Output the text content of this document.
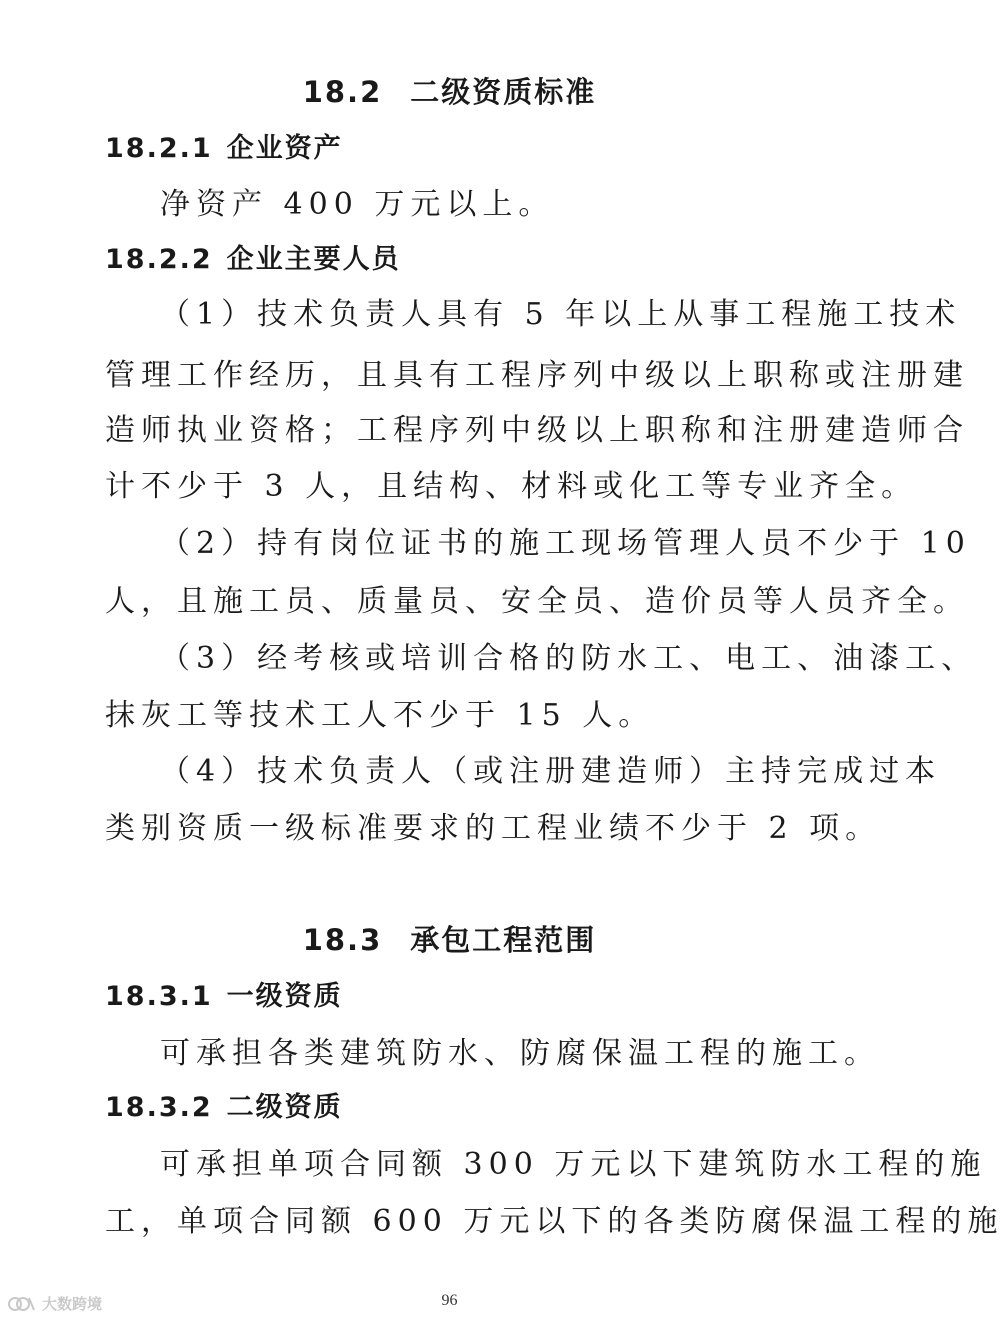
18.2 二级资质标准
18.2.1 企业资产
净资产 400 万元以上。
18.2.2 企业主要人员
（1）技术负责人具有 5 年以上从事工程施工技术
管理工作经历，且具有工程序列中级以上职称或注册建
造师执业资格；工程序列中级以上职称和注册建造师合
计不少于 3 人，且结构、材料或化工等专业齐全。
（2）持有岗位证书的施工现场管理人员不少于 10
人，且施工员、质量员、安全员、造价员等人员齐全。
（3）经考核或培训合格的防水工、电工、油漆工、
抹灰工等技术工人不少于 15 人。
（4）技术负责人（或注册建造师）主持完成过本
类别资质一级标准要求的工程业绩不少于 2 项。
18.3 承包工程范围
18.3.1 一级资质
可承担各类建筑防水、防腐保温工程的施工。
18.3.2 二级资质
可承担单项合同额 300 万元以下建筑防水工程的施
工，单项合同额 600 万元以下的各类防腐保温工程的施
96
大数跨境
